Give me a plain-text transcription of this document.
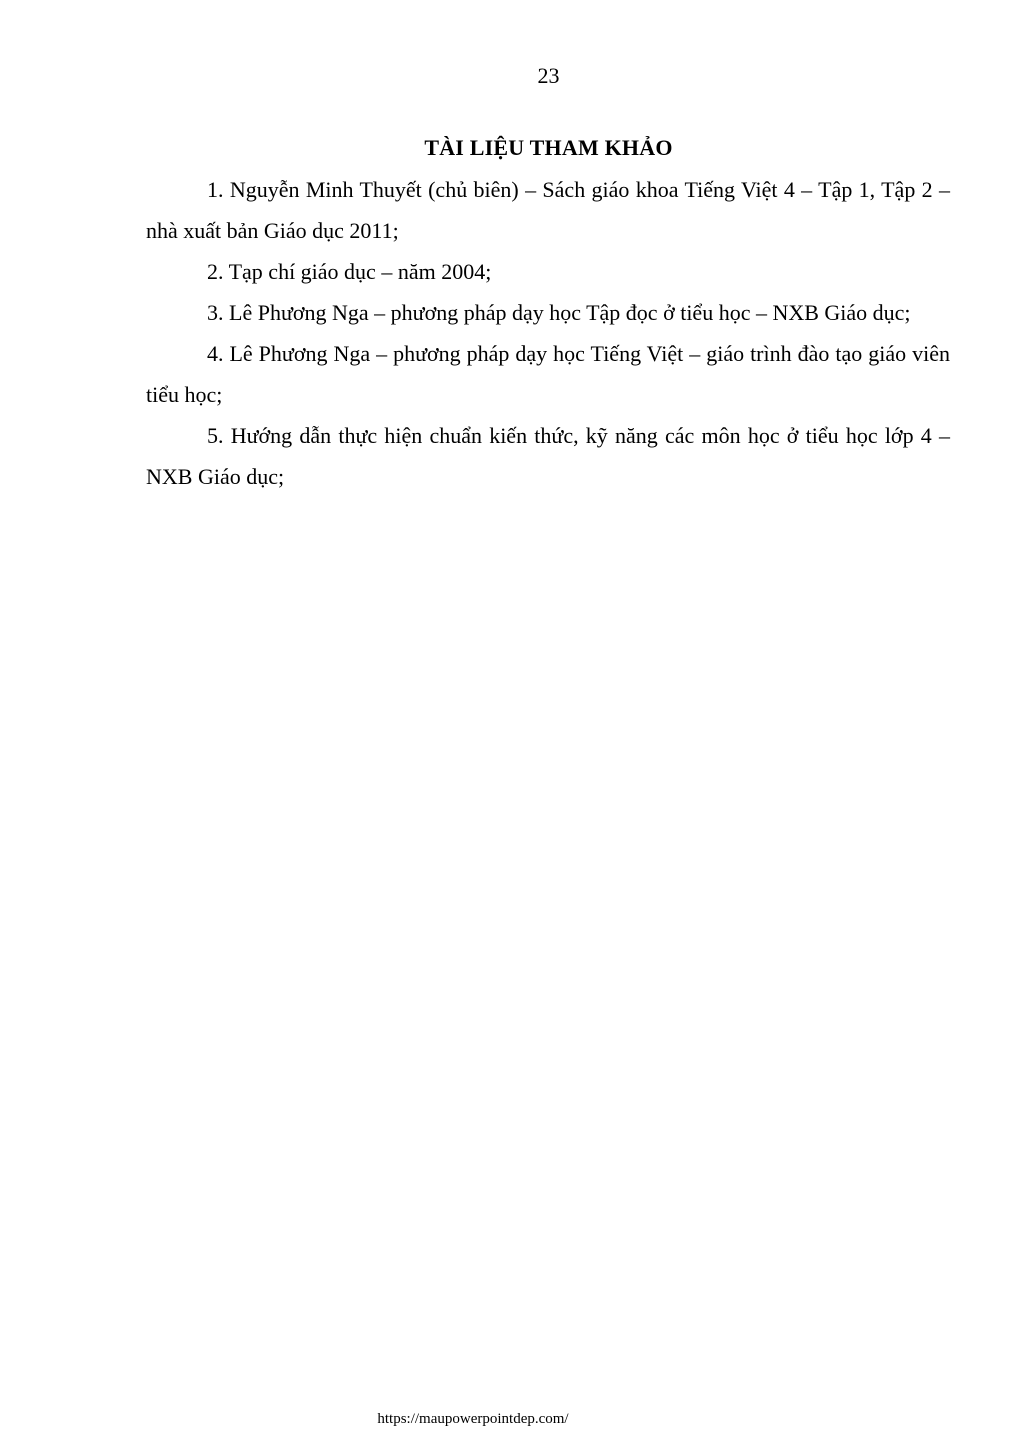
23
TÀI LIỆU THAM KHẢO
1. Nguyễn Minh Thuyết (chủ biên) – Sách giáo khoa Tiếng Việt 4 – Tập 1, Tập 2 – nhà xuất bản Giáo dục 2011;
2. Tạp chí giáo dục – năm 2004;
3. Lê Phương Nga – phương pháp dạy học Tập đọc ở tiểu học – NXB Giáo dục;
4. Lê Phương Nga – phương pháp dạy học Tiếng Việt – giáo trình đào tạo giáo viên tiểu học;
5. Hướng dẫn thực hiện chuẩn kiến thức, kỹ năng các môn học ở tiểu học lớp 4 – NXB Giáo dục;
https://maupowerpointdep.com/
